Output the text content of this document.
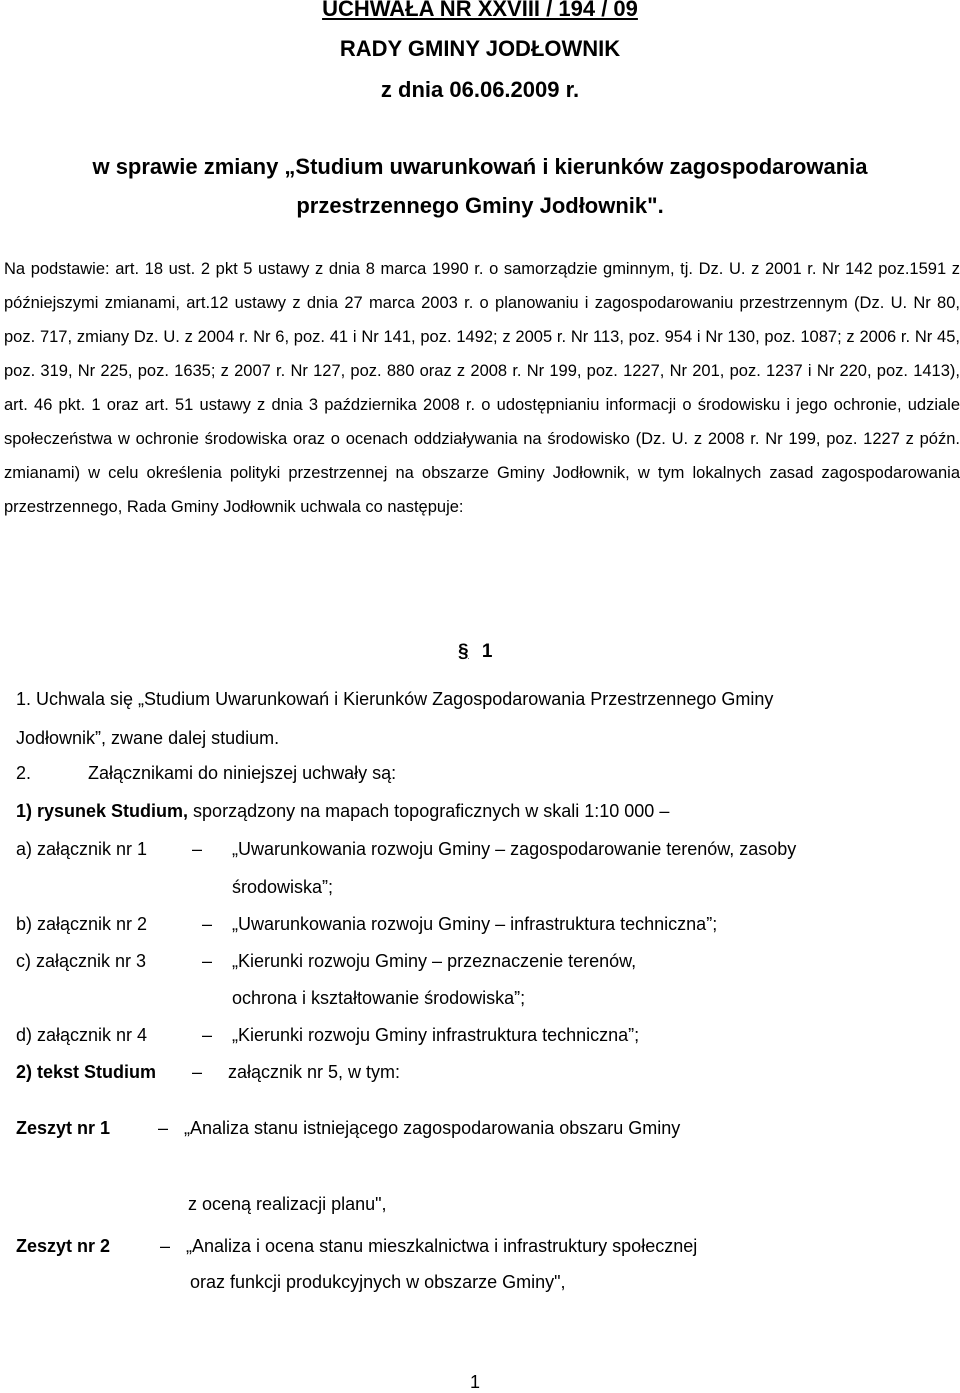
UCHWAŁA NR XXVIII / 194 / 09
RADY GMINY JODŁOWNIK
z dnia 06.06.2009 r.
w sprawie zmiany „Studium uwarunkowań i kierunków zagospodarowania
przestrzennego Gminy Jodłownik".
Na podstawie: art. 18 ust. 2 pkt 5 ustawy z dnia 8 marca 1990 r. o samorządzie gminnym, tj. Dz. U. z 2001 r. Nr 142 poz.1591 z późniejszymi zmianami, art.12 ustawy z dnia 27 marca 2003 r. o planowaniu i zagospodarowaniu przestrzennym (Dz. U. Nr 80, poz. 717, zmiany Dz. U. z 2004 r. Nr 6, poz. 41 i Nr 141, poz. 1492; z 2005 r. Nr 113, poz. 954 i Nr 130, poz. 1087; z 2006 r. Nr 45, poz. 319, Nr 225, poz. 1635; z 2007 r. Nr 127, poz. 880 oraz z 2008 r. Nr 199, poz. 1227, Nr 201, poz. 1237 i Nr 220, poz. 1413), art. 46 pkt. 1 oraz art. 51 ustawy z dnia 3 października 2008 r. o udostępnianiu informacji o środowisku i jego ochronie, udziale społeczeństwa w ochronie środowiska oraz o ocenach oddziaływania na środowisko (Dz. U. z 2008 r. Nr 199, poz. 1227 z późn. zmianami) w celu określenia polityki przestrzennej na obszarze Gminy Jodłownik, w tym lokalnych zasad zagospodarowania przestrzennego, Rada Gminy Jodłownik uchwala co następuje:
§ 1
1. Uchwala się „Studium Uwarunkowań i Kierunków Zagospodarowania Przestrzennego Gminy
Jodłownik”, zwane dalej studium.
2.	Załącznikami do niniejszej uchwały są:
1) rysunek Studium, sporządzony na mapach topograficznych w skali 1:10 000 –
a) załącznik nr 1 – „Uwarunkowania rozwoju Gminy – zagospodarowanie terenów, zasoby
środowiska”;
b) załącznik nr 2	– „Uwarunkowania rozwoju Gminy – infrastruktura techniczna”;
c) załącznik nr 3	– „Kierunki rozwoju Gminy – przeznaczenie terenów,
ochrona i kształtowanie środowiska”;
d) załącznik nr 4	– „Kierunki rozwoju Gminy infrastruktura techniczna”;
2) tekst Studium – załącznik nr 5, w tym:
Zeszyt nr 1	– „Analiza stanu istniejącego zagospodarowania obszaru Gminy
z oceną realizacji planu",
Zeszyt nr 2	– „Analiza i ocena stanu mieszkalnictwa i infrastruktury społecznej
oraz funkcji produkcyjnych w obszarze Gminy",
1
